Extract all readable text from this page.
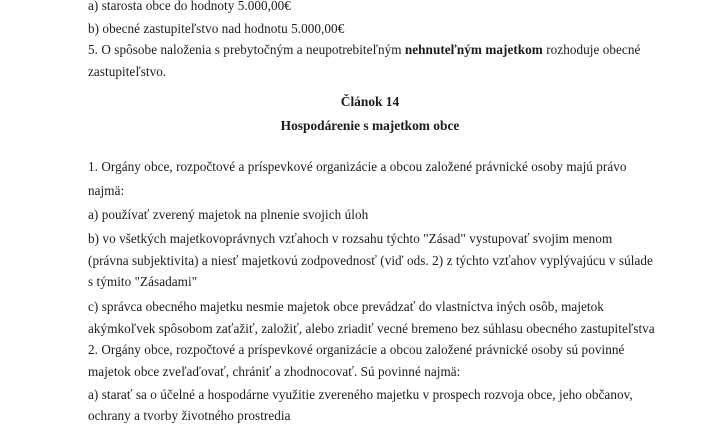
a) starosta obce do hodnoty 5.000,00€
b) obecné zastupiteľstvo nad hodnotu 5.000,00€
5. O spôsobe naloženia s prebytočným a neupotrebiteľným nehnuteľným majetkom rozhoduje obecné
zastupiteľstvo.
Článok 14
Hospodárenie s majetkom obce
1. Orgány obce, rozpočtové a príspevkové organizácie a obcou založené právnické osoby majú právo
najmä:
a) používať zverený majetok na plnenie svojich úloh
b) vo všetkých majetkovoprávnych vzťahoch v rozsahu týchto "Zásad" vystupovať svojim menom
(právna subjektivita) a niesť majetkovú zodpovednosť (viď ods. 2) z týchto vzťahov vyplývajúcu v súlade
s týmito "Zásadami"
c) správca obecného majetku nesmie majetok obce prevádzať do vlastníctva iných osôb, majetok
akýmkoľvek spôsobom zaťažiť, založiť, alebo zriadiť vecné bremeno bez súhlasu obecného zastupiteľstva
2. Orgány obce, rozpočtové a príspevkové organizácie a obcou založené právnické osoby sú povinné
majetok obce zveľaďovať, chrániť a zhodnocovať. Sú povinné najmä:
a) starať sa o účelné a hospodárne využitie zvereného majetku v prospech rozvoja obce, jeho občanov,
ochrany a tvorby životného prostredia
